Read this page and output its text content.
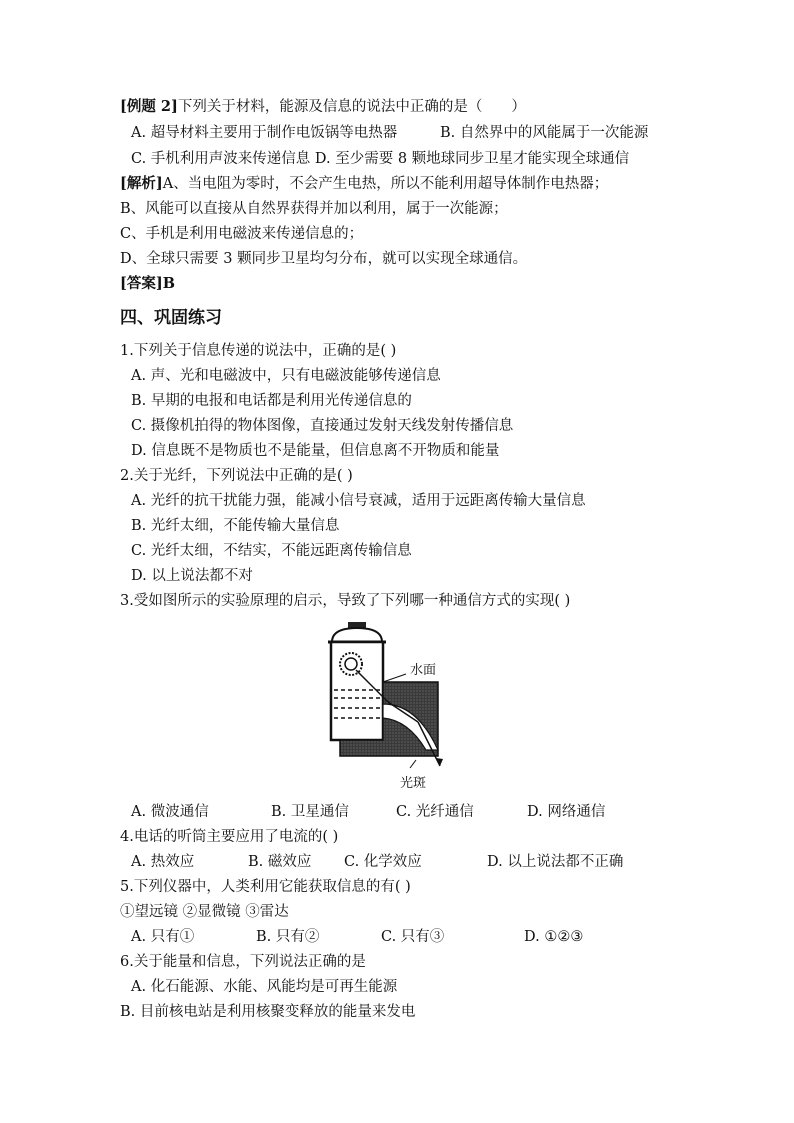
[例题 2]下列关于材料，能源及信息的说法中正确的是（　　）
A. 超导材料主要用于制作电饭锅等电热器	B. 自然界中的风能属于一次能源
C. 手机利用声波来传递信息 D. 至少需要 8 颗地球同步卫星才能实现全球通信
[解析]A、当电阻为零时，不会产生电热，所以不能利用超导体制作电热器；
B、风能可以直接从自然界获得并加以利用，属于一次能源；
C、手机是利用电磁波来传递信息的；
D、全球只需要 3 颗同步卫星均匀分布，就可以实现全球通信。
[答案]B
四、巩固练习
1.下列关于信息传递的说法中，正确的是( )
A. 声、光和电磁波中，只有电磁波能够传递信息
B. 早期的电报和电话都是利用光传递信息的
C. 摄像机拍得的物体图像，直接通过发射天线发射传播信息
D. 信息既不是物质也不是能量，但信息离不开物质和能量
2.关于光纤，下列说法中正确的是( )
A. 光纤的抗干扰能力强，能减小信号衰减，适用于远距离传输大量信息
B. 光纤太细，不能传输大量信息
C. 光纤太细，不结实，不能远距离传输信息
D. 以上说法都不对
3.受如图所示的实验原理的启示，导致了下列哪一种通信方式的实现( )
水面
光斑
A. 微波通信	B. 卫星通信	C. 光纤通信	D. 网络通信
4.电话的听筒主要应用了电流的( )
A. 热效应	B. 磁效应 C. 化学效应	D. 以上说法都不正确
5.下列仪器中，人类利用它能获取信息的有( )
①望远镜 ②显微镜 ③雷达
A. 只有①	B. 只有②	C. 只有③	D. ①②③
6.关于能量和信息，下列说法正确的是
A. 化石能源、水能、风能均是可再生能源
B. 目前核电站是利用核聚变释放的能量来发电
